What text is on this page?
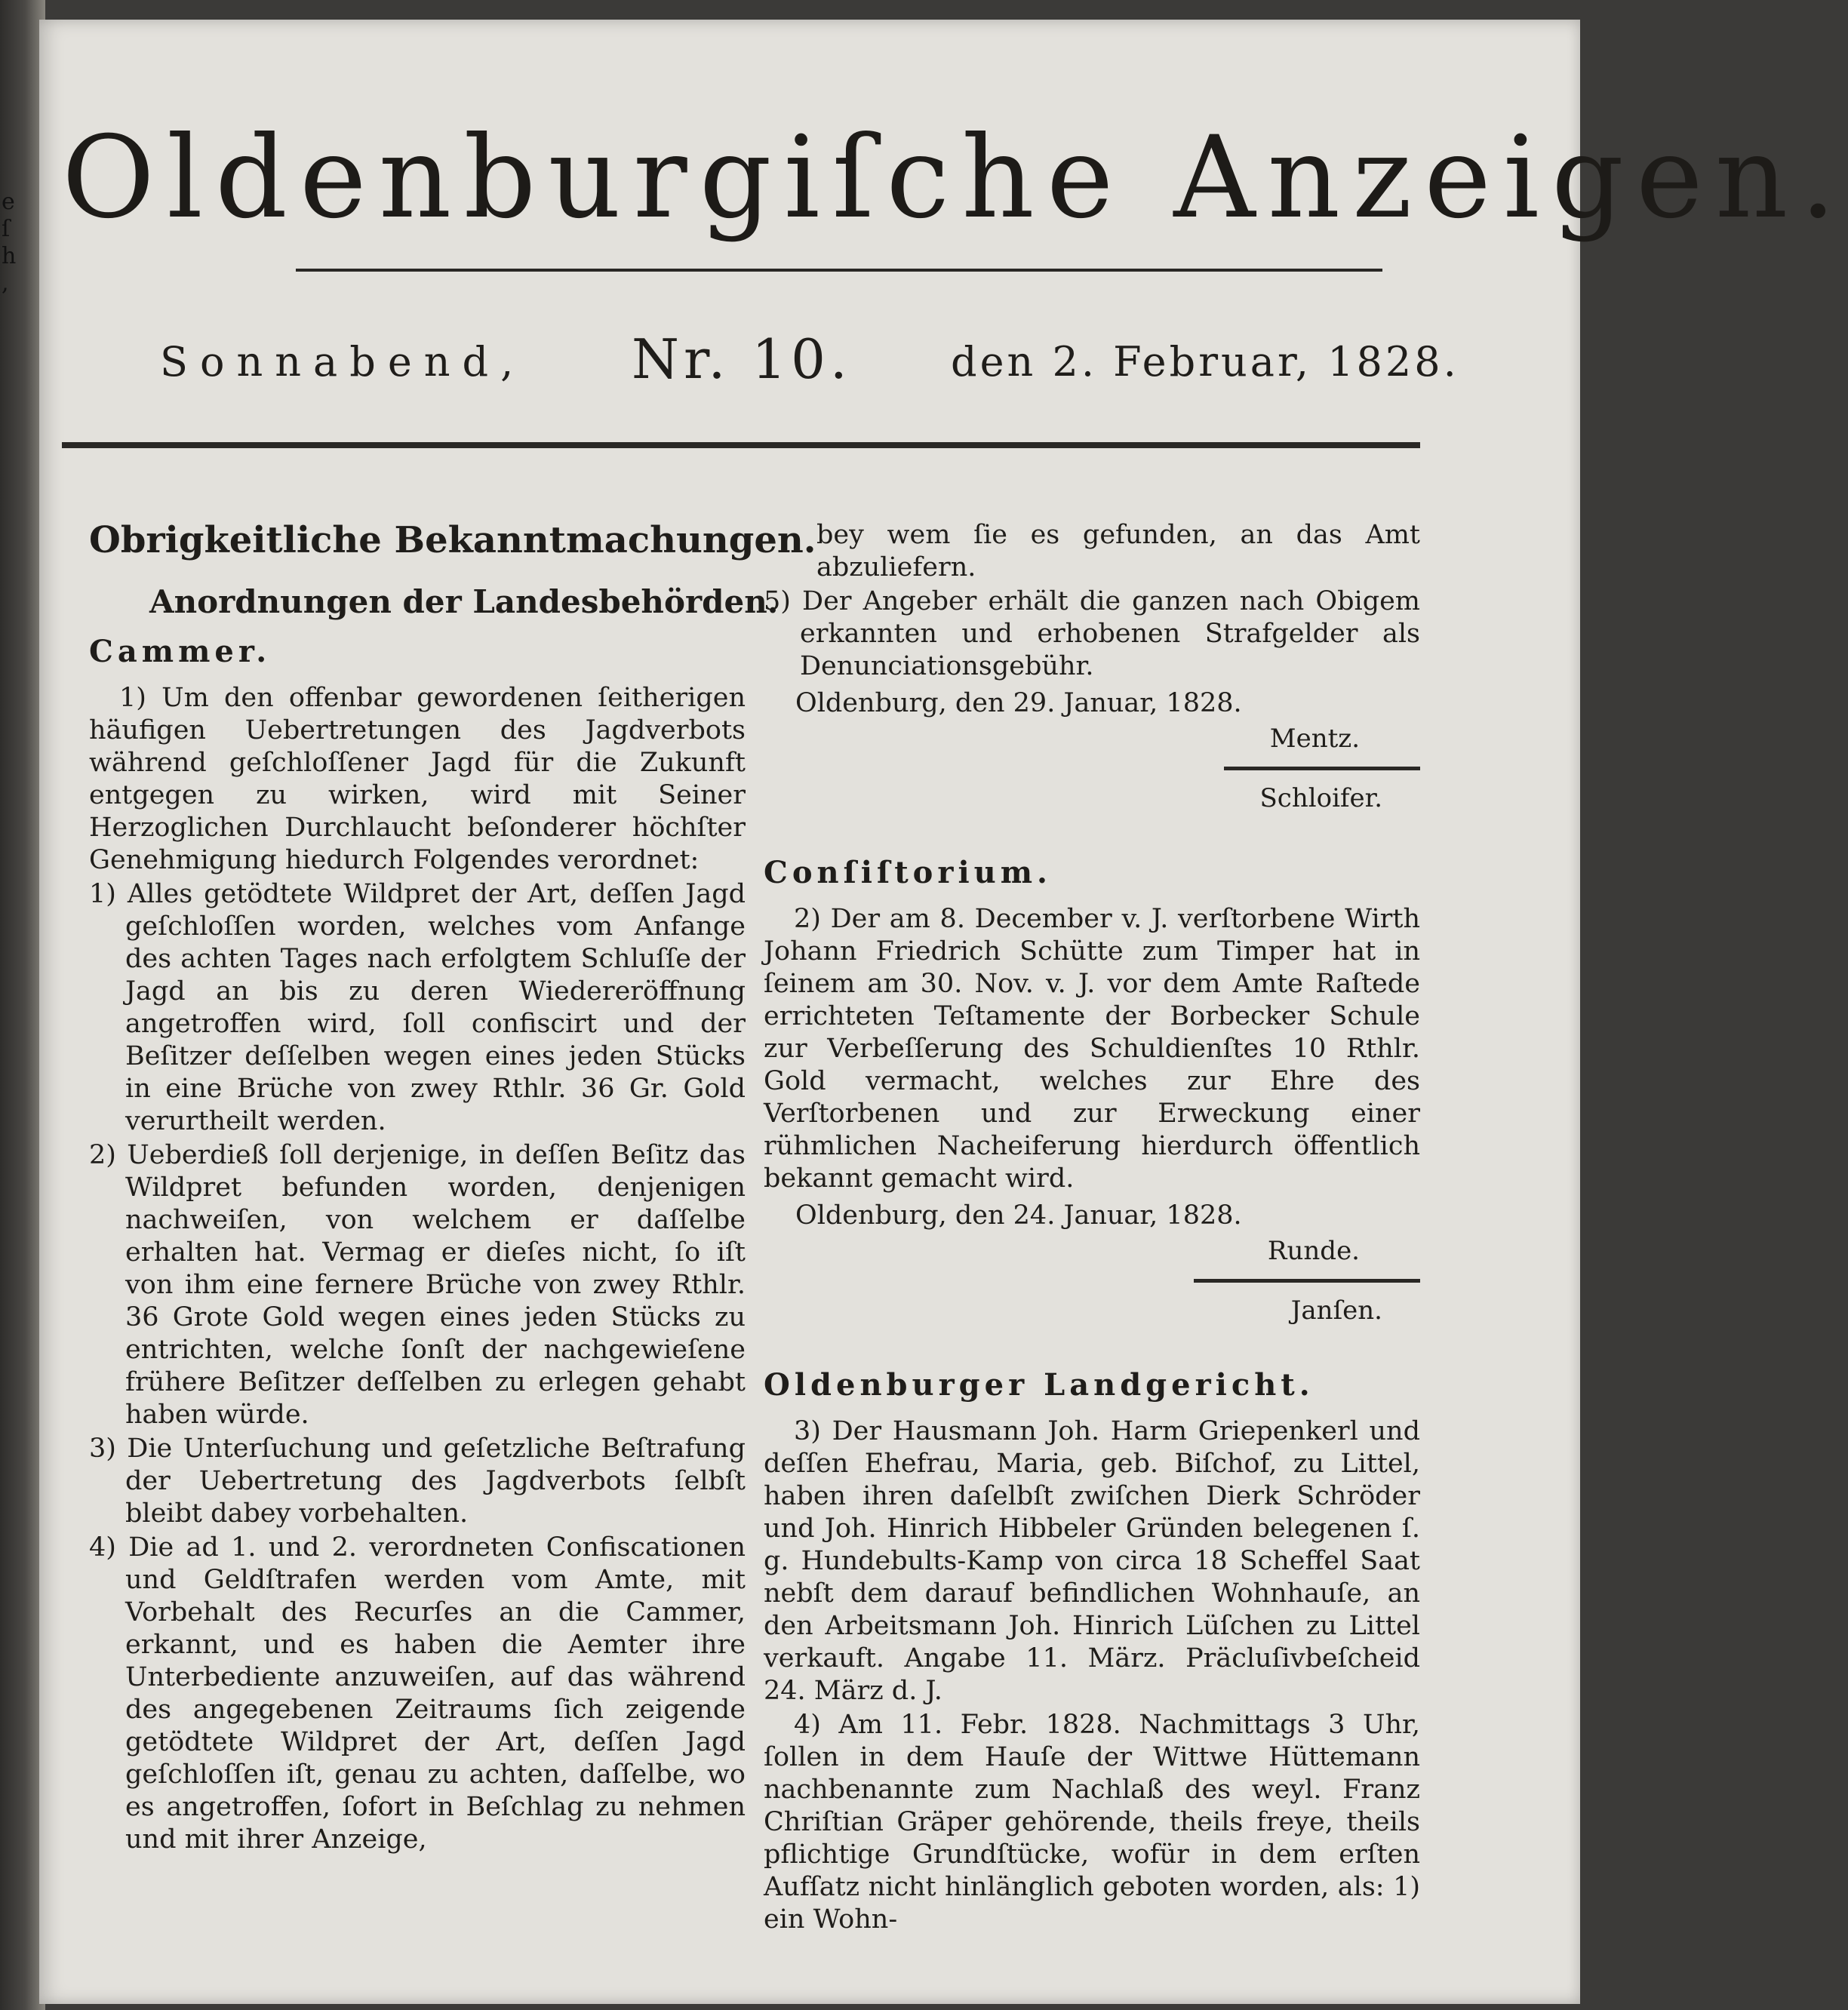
e
ſ
h
,
Oldenburgiſche Anzeigen.
Sonnabend, Nr. 10. den 2. Februar, 1828.
Obrigkeitliche Bekanntmachungen.
Anordnungen der Landesbehörden.
Cammer.

1) Um den offenbar gewordenen ſeitherigen häufigen Uebertretungen des Jagdverbots während geſchloſſener Jagd für die Zukunft entgegen zu wirken, wird mit Seiner Herzoglichen Durchlaucht beſonderer höchſter Genehmigung hiedurch Folgendes verordnet:

1) Alles getödtete Wildpret der Art, deſſen Jagd geſchloſſen worden, welches vom Anfange des achten Tages nach erfolgtem Schluſſe der Jagd an bis zu deren Wiedereröffnung angetroffen wird, ſoll confiscirt und der Beſitzer deſſelben wegen eines jeden Stücks in eine Brüche von zwey Rthlr. 36 Gr. Gold verurtheilt werden.

2) Ueberdieß ſoll derjenige, in deſſen Beſitz das Wildpret befunden worden, denjenigen nachweiſen, von welchem er daſſelbe erhalten hat. Vermag er dieſes nicht, ſo iſt von ihm eine fernere Brüche von zwey Rthlr. 36 Grote Gold wegen eines jeden Stücks zu entrichten, welche ſonſt der nachgewieſene frühere Beſitzer deſſelben zu erlegen gehabt haben würde.

3) Die Unterſuchung und geſetzliche Beſtrafung der Uebertretung des Jagdverbots ſelbſt bleibt dabey vorbehalten.

4) Die ad 1. und 2. verordneten Confiscationen und Geldſtrafen werden vom Amte, mit Vorbehalt des Recurſes an die Cammer, erkannt, und es haben die Aemter ihre Unterbediente anzuweiſen, auf das während des angegebenen Zeitraums ſich zeigende getödtete Wildpret der Art, deſſen Jagd geſchloſſen iſt, genau zu achten, daſſelbe, wo es angetroffen, ſofort in Beſchlag zu nehmen und mit ihrer Anzeige,

bey wem ſie es gefunden, an das Amt abzuliefern.

5) Der Angeber erhält die ganzen nach Obigem erkannten und erhobenen Strafgelder als Denunciationsgebühr.

Oldenburg, den 29. Januar, 1828.

Mentz.
Schloifer.
Conſiſtorium.

2) Der am 8. December v. J. verſtorbene Wirth Johann Friedrich Schütte zum Timper hat in ſeinem am 30. Nov. v. J. vor dem Amte Raſtede errichteten Teſtamente der Borbecker Schule zur Verbeſſerung des Schuldienſtes 10 Rthlr. Gold vermacht, welches zur Ehre des Verſtorbenen und zur Erweckung einer rühmlichen Nacheiferung hierdurch öffentlich bekannt gemacht wird.

Oldenburg, den 24. Januar, 1828.

Runde.
Janſen.
Oldenburger Landgericht.

3) Der Hausmann Joh. Harm Griepenkerl und deſſen Ehefrau, Maria, geb. Biſchof, zu Littel, haben ihren daſelbſt zwiſchen Dierk Schröder und Joh. Hinrich Hibbeler Gründen belegenen ſ. g. Hundebults-Kamp von circa 18 Scheffel Saat nebſt dem darauf befindlichen Wohnhauſe, an den Arbeitsmann Joh. Hinrich Lüſchen zu Littel verkauft. Angabe 11. März. Präcluſivbeſcheid 24. März d. J.

4) Am 11. Febr. 1828. Nachmittags 3 Uhr, ſollen in dem Hauſe der Wittwe Hüttemann nachbenannte zum Nachlaß des weyl. Franz Chriſtian Gräper gehörende, theils freye, theils pflichtige Grundſtücke, wofür in dem erſten Aufſatz nicht hinlänglich geboten worden, als: 1) ein Wohn-
